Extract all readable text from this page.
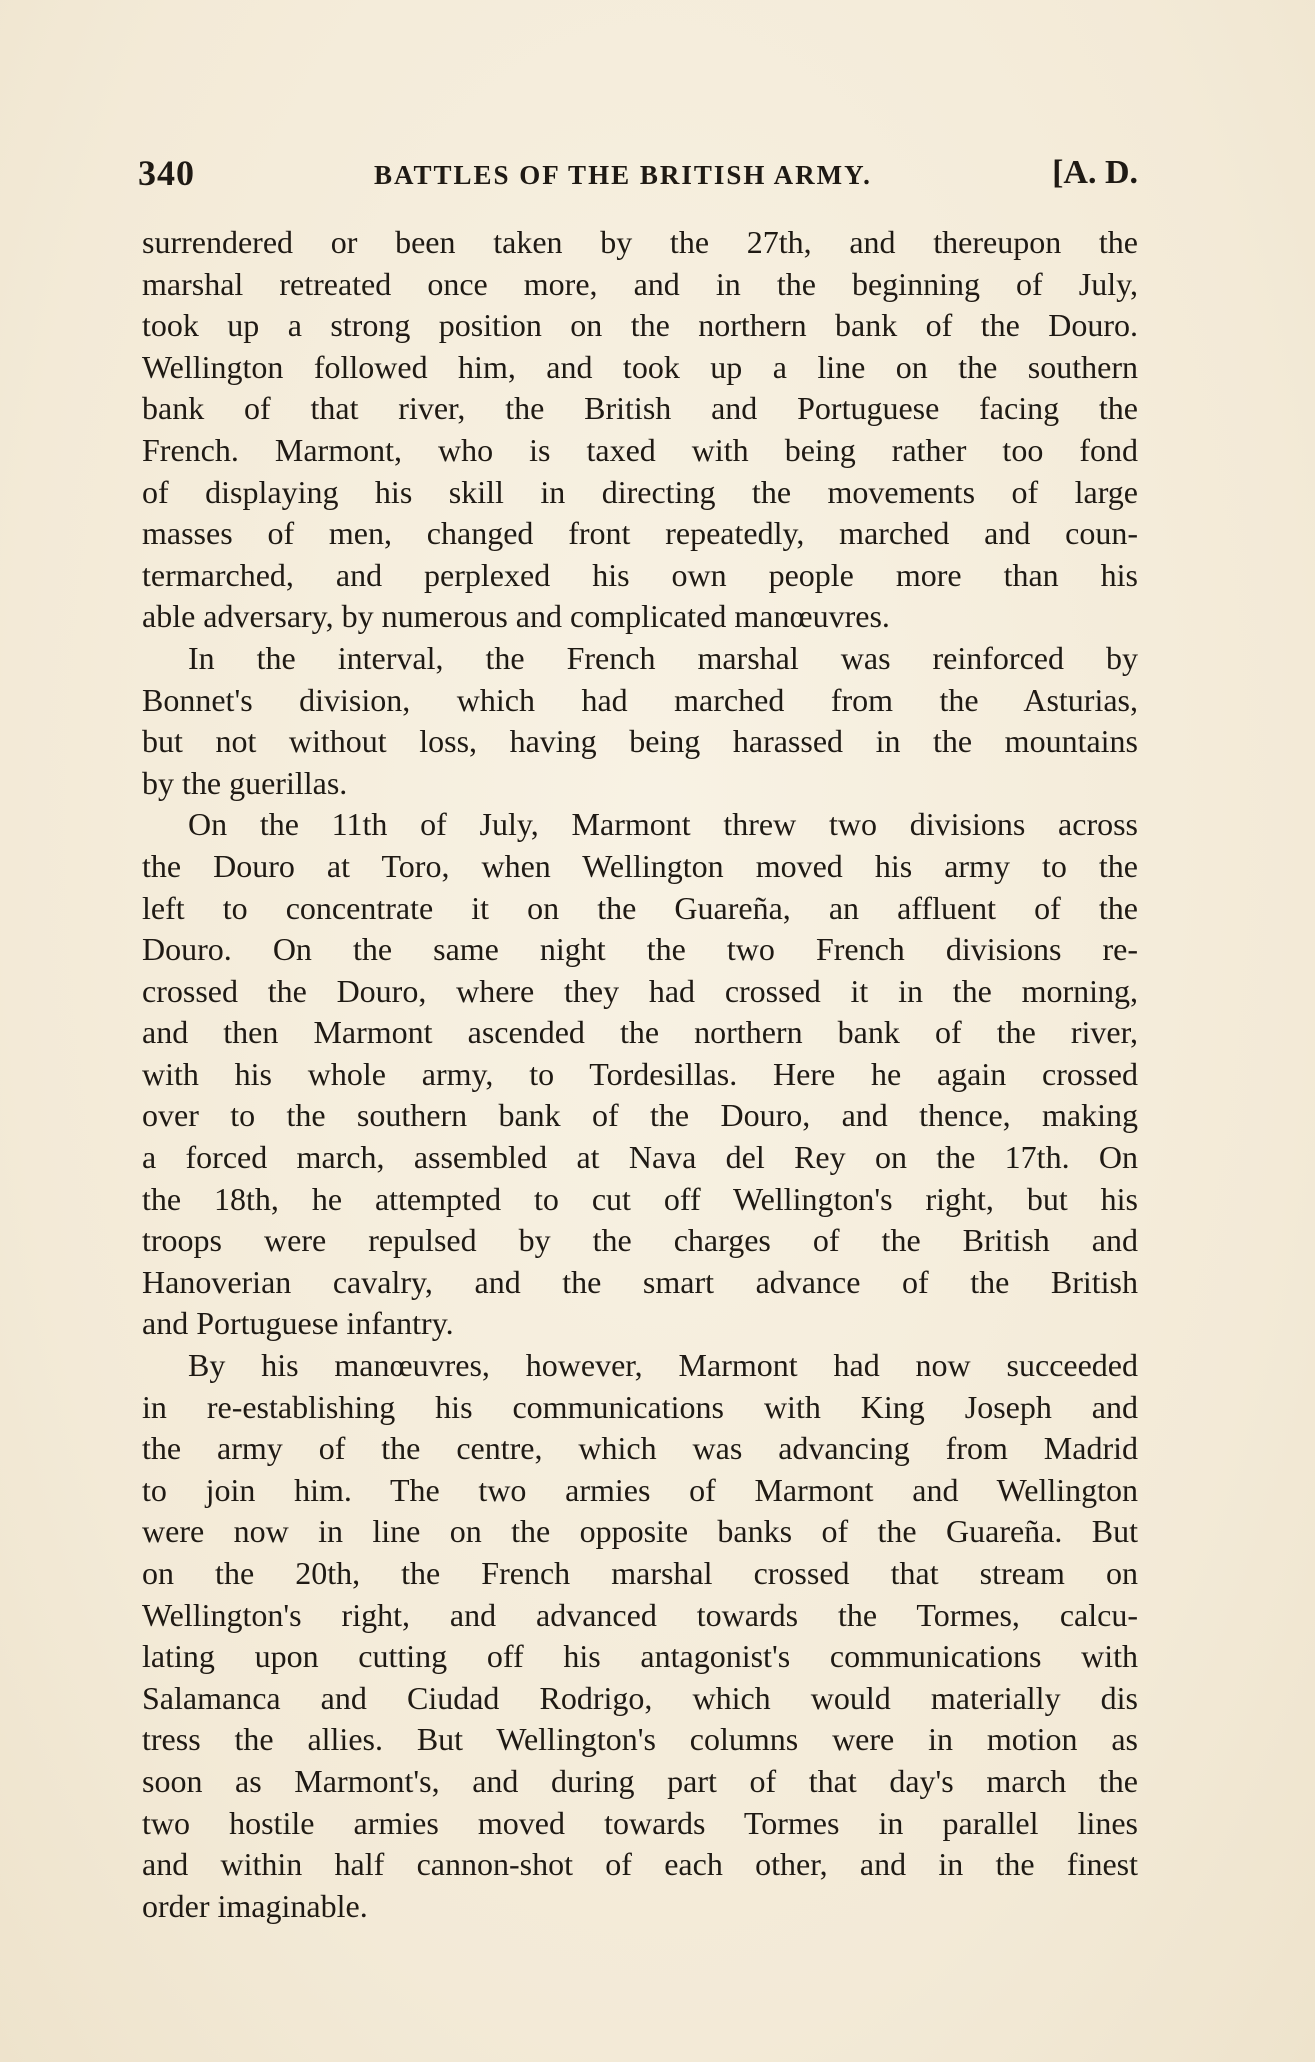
340	BATTLES OF THE BRITISH ARMY.	[A. D.
surrendered or been taken by the 27th, and thereupon the
marshal retreated once more, and in the beginning of July,
took up a strong position on the northern bank of the Douro.
Wellington followed him, and took up a line on the southern
bank of that river, the British and Portuguese facing the
French. Marmont, who is taxed with being rather too fond
of displaying his skill in directing the movements of large
masses of men, changed front repeatedly, marched and coun-
termarched, and perplexed his own people more than his
able adversary, by numerous and complicated manœuvres.
In the interval, the French marshal was reinforced by
Bonnet's division, which had marched from the Asturias,
but not without loss, having being harassed in the mountains
by the guerillas.
On the 11th of July, Marmont threw two divisions across
the Douro at Toro, when Wellington moved his army to the
left to concentrate it on the Guareña, an affluent of the
Douro. On the same night the two French divisions re-
crossed the Douro, where they had crossed it in the morning,
and then Marmont ascended the northern bank of the river,
with his whole army, to Tordesillas. Here he again crossed
over to the southern bank of the Douro, and thence, making
a forced march, assembled at Nava del Rey on the 17th. On
the 18th, he attempted to cut off Wellington's right, but his
troops were repulsed by the charges of the British and
Hanoverian cavalry, and the smart advance of the British
and Portuguese infantry.
By his manœuvres, however, Marmont had now succeeded
in re-establishing his communications with King Joseph and
the army of the centre, which was advancing from Madrid
to join him. The two armies of Marmont and Wellington
were now in line on the opposite banks of the Guareña. But
on the 20th, the French marshal crossed that stream on
Wellington's right, and advanced towards the Tormes, calcu-
lating upon cutting off his antagonist's communications with
Salamanca and Ciudad Rodrigo, which would materially dis
tress the allies. But Wellington's columns were in motion as
soon as Marmont's, and during part of that day's march the
two hostile armies moved towards Tormes in parallel lines
and within half cannon-shot of each other, and in the finest
order imaginable.
